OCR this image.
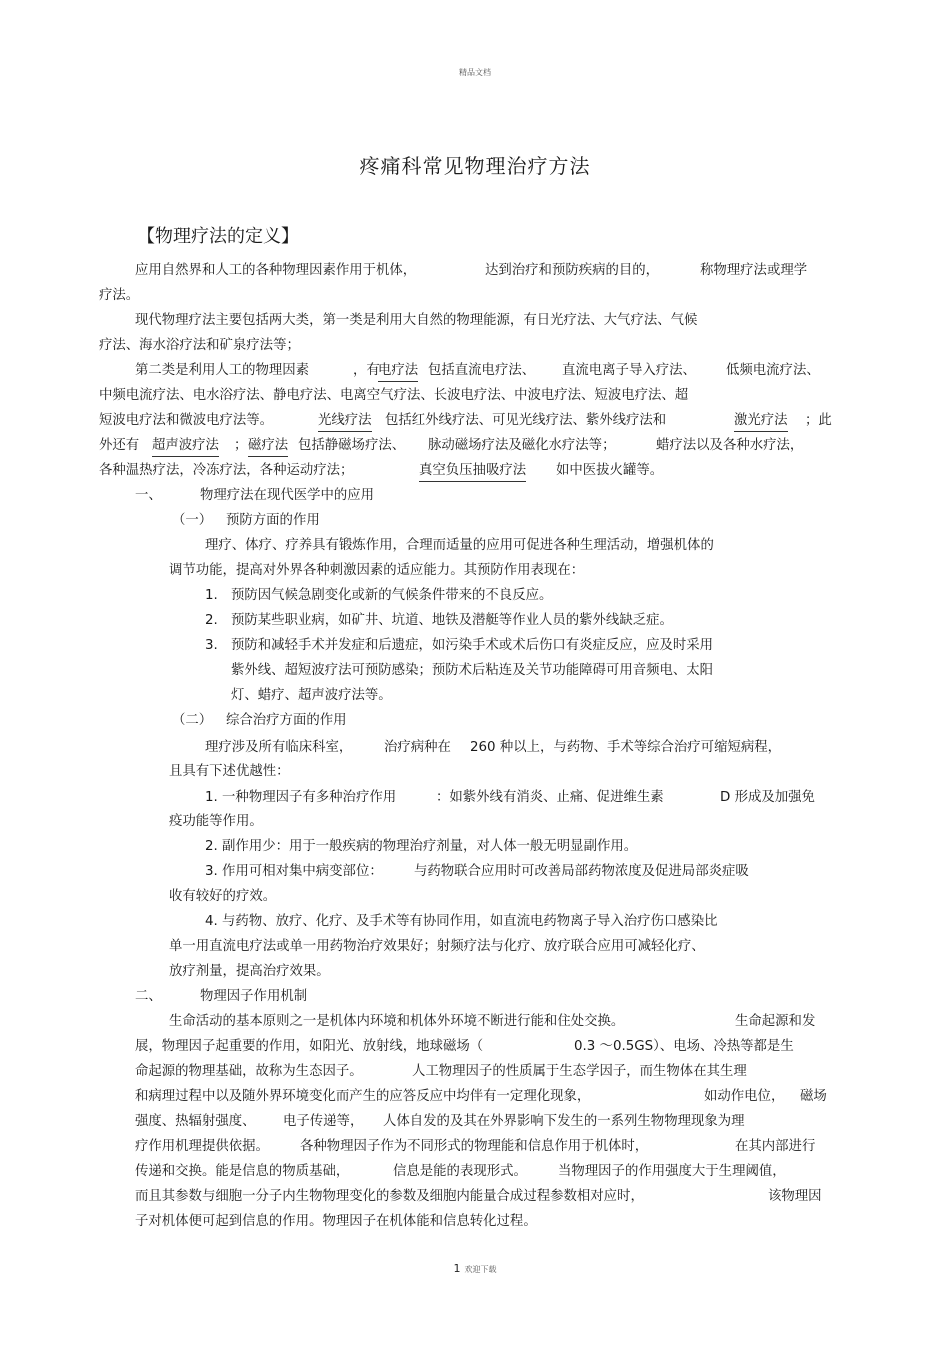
精品文档
疼痛科常见物理治疗方法
【物理疗法的定义】
应用自然界和人工的各种物理因素作用于机体，	达到治疗和预防疾病的目的，	称物理疗法或理学
疗法。
现代物理疗法主要包括两大类，第一类是利用大自然的物理能源，有日光疗法、大气疗法、气候
疗法、海水浴疗法和矿泉疗法等；
第二类是利用人工的物理因素	，有
电疗法 包括直流电疗法、 直流电离子导入疗法、 低频电流疗法、
中频电流疗法、电水浴疗法、静电疗法、电离空气疗法、长波电疗法、中波电疗法、短波电疗法、超
短波电疗法和微波电疗法等。	光线疗法 包括红外线疗法、可见光线疗法、紫外线疗法和	激光疗法 ；此
外还有 超声波疗法 ； 磁疗法 包括静磁场疗法、 脉动磁场疗法及磁化水疗法等；	蜡疗法以及各种水疗法，
各种温热疗法，冷冻疗法，各种运动疗法；	真空负压抽吸疗法 如中医拔火罐等。
一、	物理疗法在现代医学中的应用
（一） 预防方面的作用
理疗、体疗、疗养具有锻炼作用，合理而适量的应用可促进各种生理活动，增强机体的
调节功能，提高对外界各种刺激因素的适应能力。其预防作用表现在：
1. 预防因气候急剧变化或新的气候条件带来的不良反应。
2. 预防某些职业病，如矿井、坑道、地铁及潜艇等作业人员的紫外线缺乏症。
3. 预防和减轻手术并发症和后遗症，如污染手术或术后伤口有炎症反应，应及时采用
紫外线、超短波疗法可预防感染；预防术后粘连及关节功能障碍可用音频电、太阳
灯、蜡疗、超声波疗法等。
（二） 综合治疗方面的作用
理疗涉及所有临床科室， 治疗病种在 260 种以上，与药物、手术等综合治疗可缩短病程，
且具有下述优越性：
1. 一种物理因子有多种治疗作用	：如紫外线有消炎、止痛、促进维生素	D 形成及加强免
疫功能等作用。
2. 副作用少：用于一般疾病的物理治疗剂量，对人体一般无明显副作用。
3. 作用可相对集中病变部位： 与药物联合应用时可改善局部药物浓度及促进局部炎症吸
收有较好的疗效。
4. 与药物、放疗、化疗、及手术等有协同作用，如直流电药物离子导入治疗伤口感染比
单一用直流电疗法或单一用药物治疗效果好；射频疗法与化疗、放疗联合应用可减轻化疗、
放疗剂量，提高治疗效果。
二、	物理因子作用机制
生命活动的基本原则之一是机体内环境和机体外环境不断进行能和住处交换。	生命起源和发
展，物理因子起重要的作用，如阳光、放射线，地球磁场（	0.3 ～0.5GS）、电场、冷热等都是生
命起源的物理基础，故称为生态因子。	人工物理因子的性质属于生态学因子，而生物体在其生理
和病理过程中以及随外界环境变化而产生的应答反应中均伴有一定理化现象，	如动作电位， 磁场
强度、热辐射强度、 电子传递等， 人体自发的及其在外界影响下发生的一系列生物物理现象为理
疗作用机理提供依据。 各种物理因子作为不同形式的物理能和信息作用于机体时，	在其内部进行
传递和交换。能是信息的物质基础，	信息是能的表现形式。 当物理因子的作用强度大于生理阈值，
而且其参数与细胞一分子内生物物理变化的参数及细胞内能量合成过程参数相对应时，	该物理因
子对机体便可起到信息的作用。物理因子在机体能和信息转化过程。
1 欢迎下载
